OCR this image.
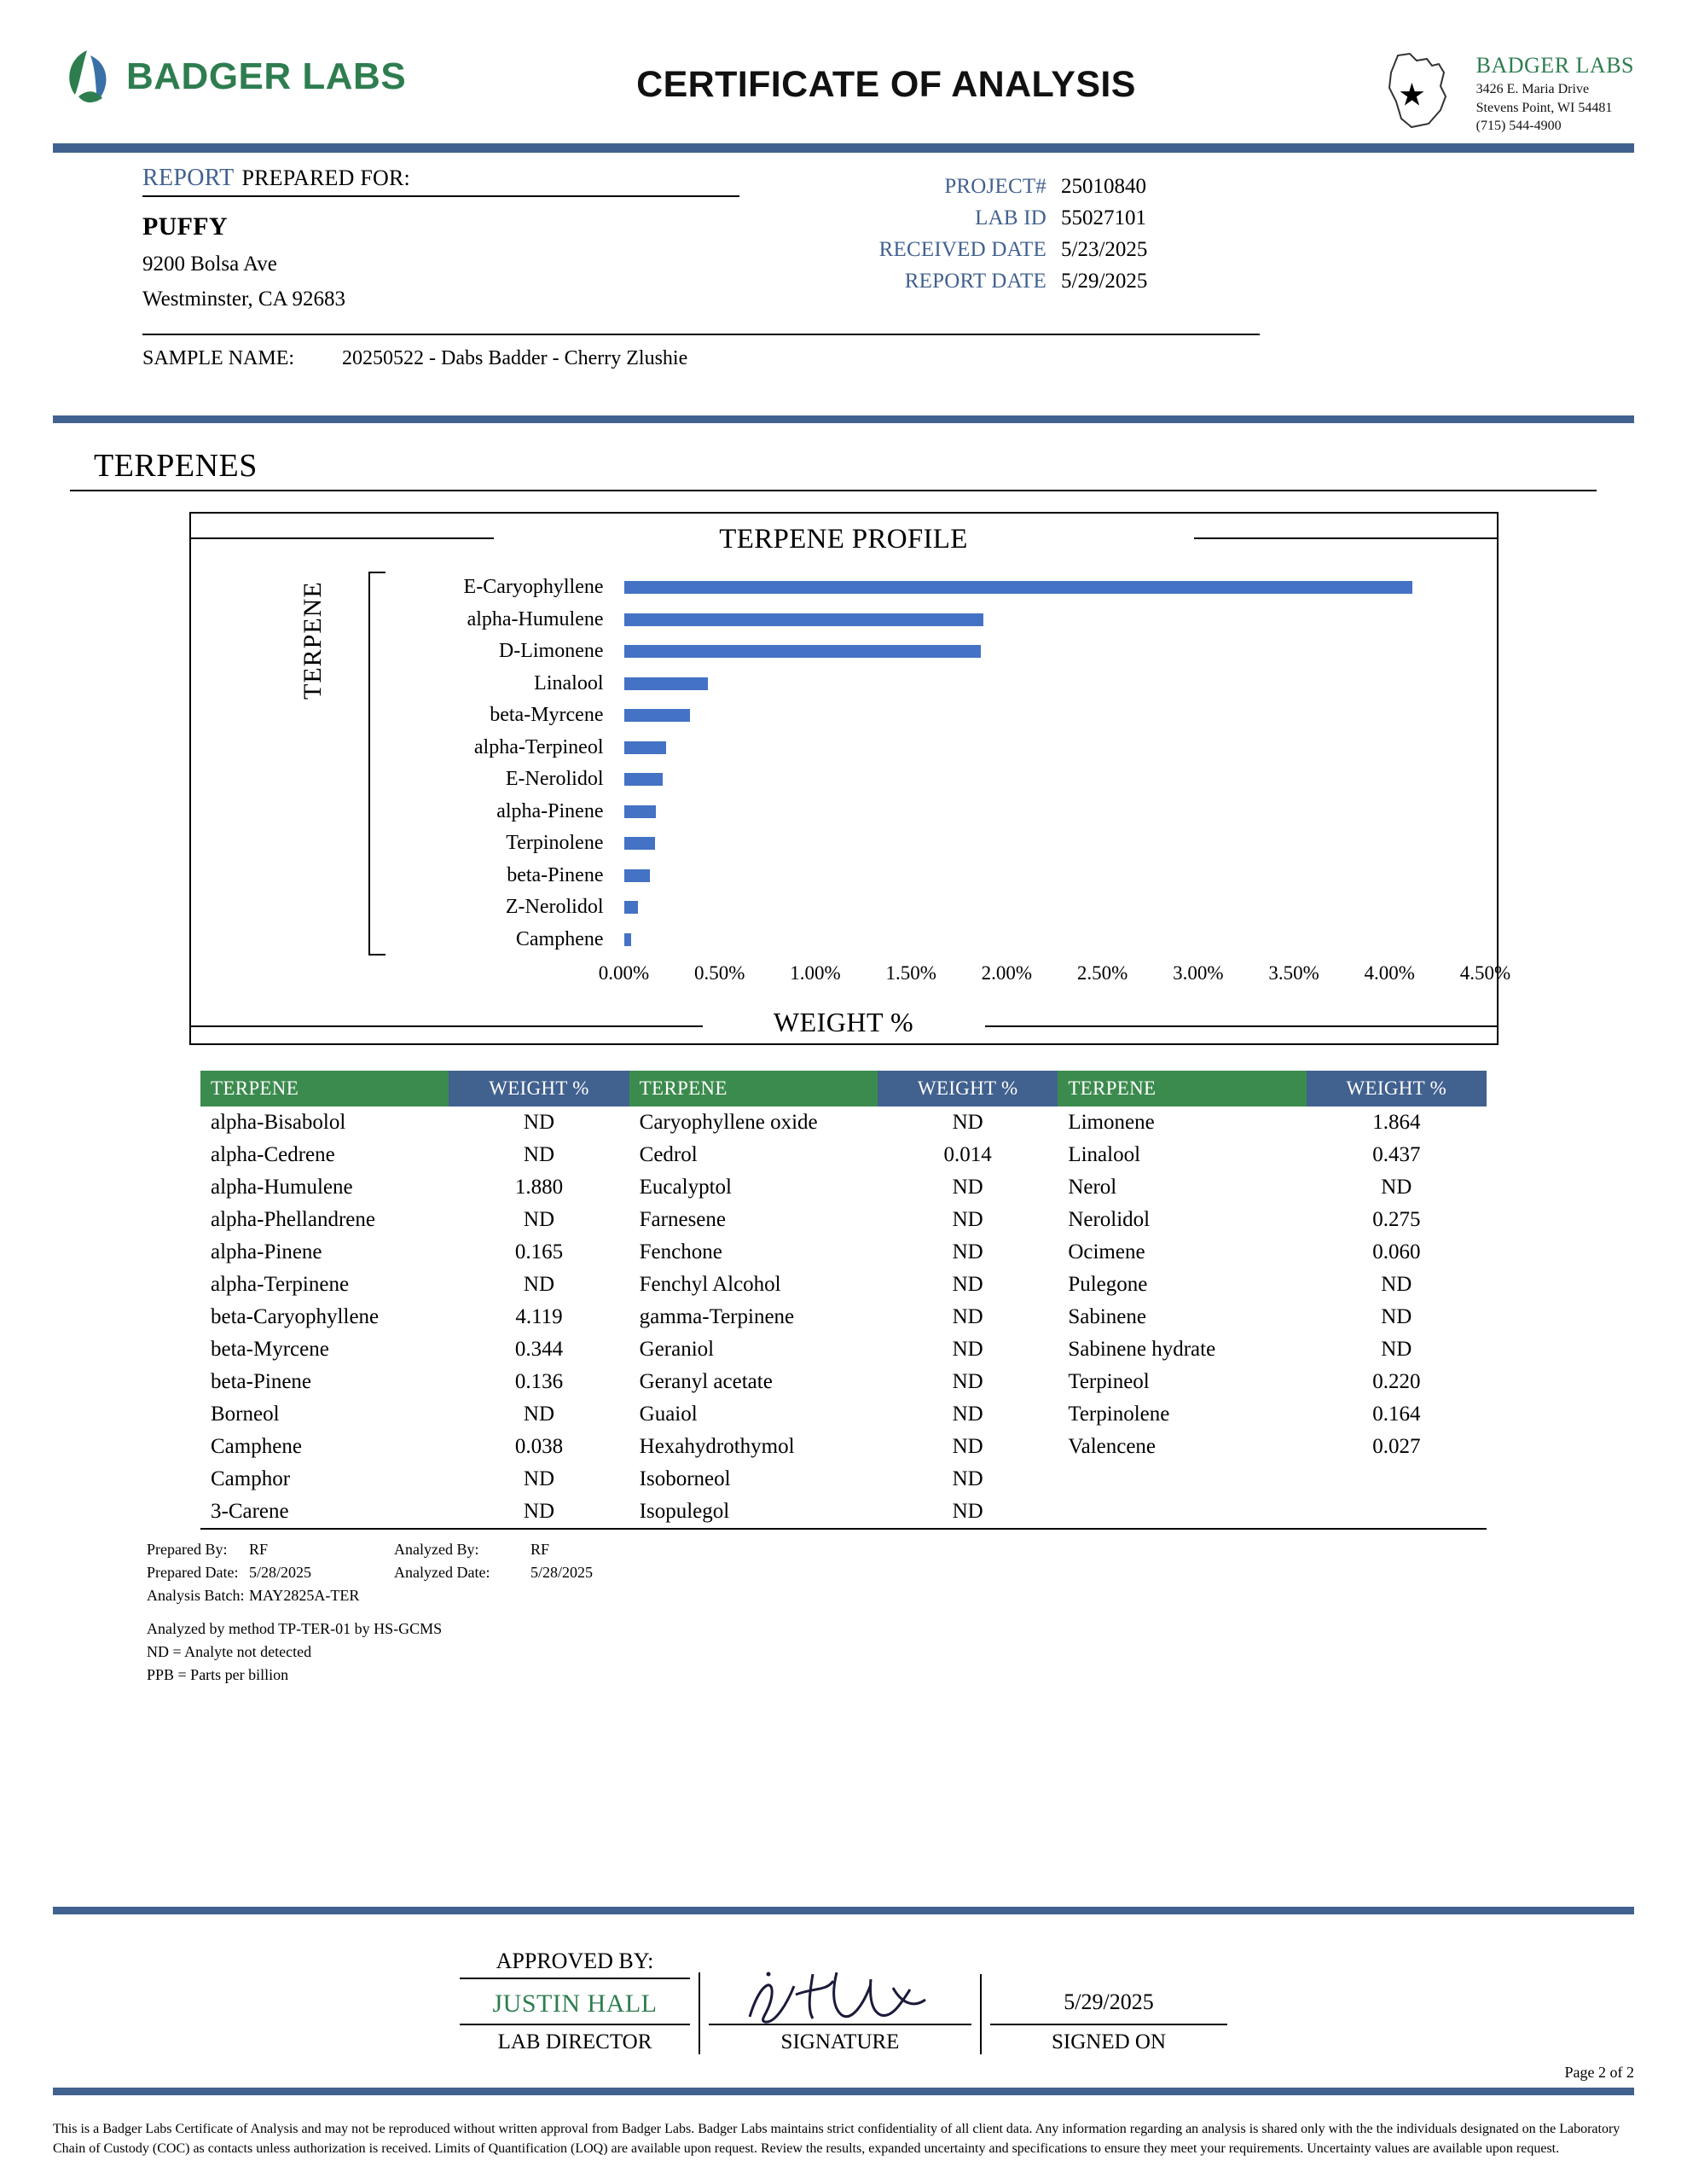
BADGER LABS	CERTIFICATE OF ANALYSIS	BADGER LABS
3426 E. Maria Drive
Stevens Point, WI 54481
(715) 544-4900
REPORT PREPARED FOR:
PUFFY
9200 Bolsa Ave
Westminster, CA 92683
PROJECT# 25010840
LAB ID 55027101
RECEIVED DATE 5/23/2025
REPORT DATE 5/29/2025
SAMPLE NAME: 20250522 - Dabs Badder - Cherry Zlushie
TERPENES
TERPENE PROFILE
TERPENE	E-Caryophyllene
alpha-Humulene
D-Limonene
Linalool
beta-Myrcene
alpha-Terpineol
E-Nerolidol
alpha-Pinene
Terpinolene
beta-Pinene
Z-Nerolidol
Camphene
0.00% 0.50% 1.00% 1.50% 2.00% 2.50% 3.00% 3.50% 4.00% 4.50%
WEIGHT %
TERPENE	WEIGHT %	TERPENE	WEIGHT %	TERPENE	WEIGHT %
alpha-Bisabolol	ND	Caryophyllene oxide	ND	Limonene	1.864
alpha-Cedrene	ND	Cedrol	0.014	Linalool	0.437
alpha-Humulene	1.880	Eucalyptol	ND	Nerol	ND
alpha-Phellandrene	ND	Farnesene	ND	Nerolidol	0.275
alpha-Pinene	0.165	Fenchone	ND	Ocimene	0.060
alpha-Terpinene	ND	Fenchyl Alcohol	ND	Pulegone	ND
beta-Caryophyllene	4.119	gamma-Terpinene	ND	Sabinene	ND
beta-Myrcene	0.344	Geraniol	ND	Sabinene hydrate	ND
beta-Pinene	0.136	Geranyl acetate	ND	Terpineol	0.220
Borneol	ND	Guaiol	ND	Terpinolene	0.164
Camphene	0.038	Hexahydrothymol	ND	Valencene	0.027
Camphor	ND	Isoborneol	ND		
3-Carene	ND	Isopulegol	ND		
Prepared By:	RF	Analyzed By:	RF
Prepared Date: 5/28/2025	Analyzed Date:	5/28/2025
Analysis Batch: MAY2825A-TER
Analyzed by method TP-TER-01 by HS-GCMS
ND = Analyte not detected
PPB = Parts per billion
APPROVED BY:
JUSTIN HALL
LAB DIRECTOR	SIGNATURE
5/29/2025
SIGNED ON
Page 2 of 2
This is a Badger Labs Certificate of Analysis and may not be reproduced without written approval from Badger Labs. Badger Labs maintains strict confidentiality of all client data. Any information regarding an analysis is shared only with the the individuals designated on the Laboratory Chain of Custody (COC) as contacts unless authorization is received. Limits of Quantification (LOQ) are available upon request. Review the results, expanded uncertainty and specifications to ensure they meet your requirements. Uncertainty values are available upon request.
